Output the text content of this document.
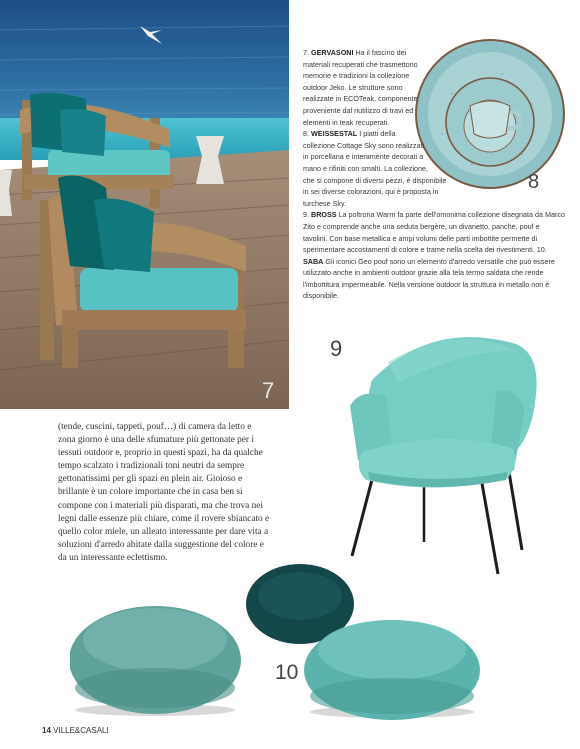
7
8

7. GERVASONI Ha il fascino dei materiali recuperati che trasmettono memorie e tradizioni la collezione outdoor Jeko. Le strutture sono realizzate in ECOTeak, componente proveniente dal riutilizzo di travi ed elementi in teak recuperati.

8. WEISSESTAL I piatti della collezione Cottage Sky sono realizzati in porcellana e interamente decorati a mano e rifiniti con smalti. La collezione,

che si compone di diversi pezzi, è disponibile in sei diverse colorazioni, qui è proposta in turchese Sky.

9. BROSS La poltrona Warm fa parte dell'omonima collezione disegnata da Marco Zito e comprende anche una seduta bergère, un divanetto, panche, pouf e tavolini. Con base metallica e ampi volumi delle parti imbottite permette di sperimentare accostamenti di colore e trame nella scelta dei rivestimenti. 10. SABA Gli iconici Geo pouf sono un elemento d'arredo versatile che può essere utilizzato anche in ambienti outdoor grazie alla tela termo saldata che rende l'imbottitura impermeabile. Nella versione outdoor la struttura in metallo non è disponibile.

9

(tende, cuscini, tappeti, pouf…) di camera da letto e zona giorno è una delle sfumature più gettonate per i tessuti outdoor e, proprio in questi spazi, ha da qualche tempo scalzato i tradizionali toni neutri da sempre gettonatissimi per gli spazi en plein air. Gioioso e brillante è un colore importante che in casa ben si compone con i materiali più disparati, ma che trova nei legni dalle essenze più chiare, come il rovere sbiancato e quello color miele, un alleato interessante per dare vita a soluzioni d'arredo abitate dalla suggestione del colore e da un interessante eclettismo.

10
14 VILLE&CASALI
